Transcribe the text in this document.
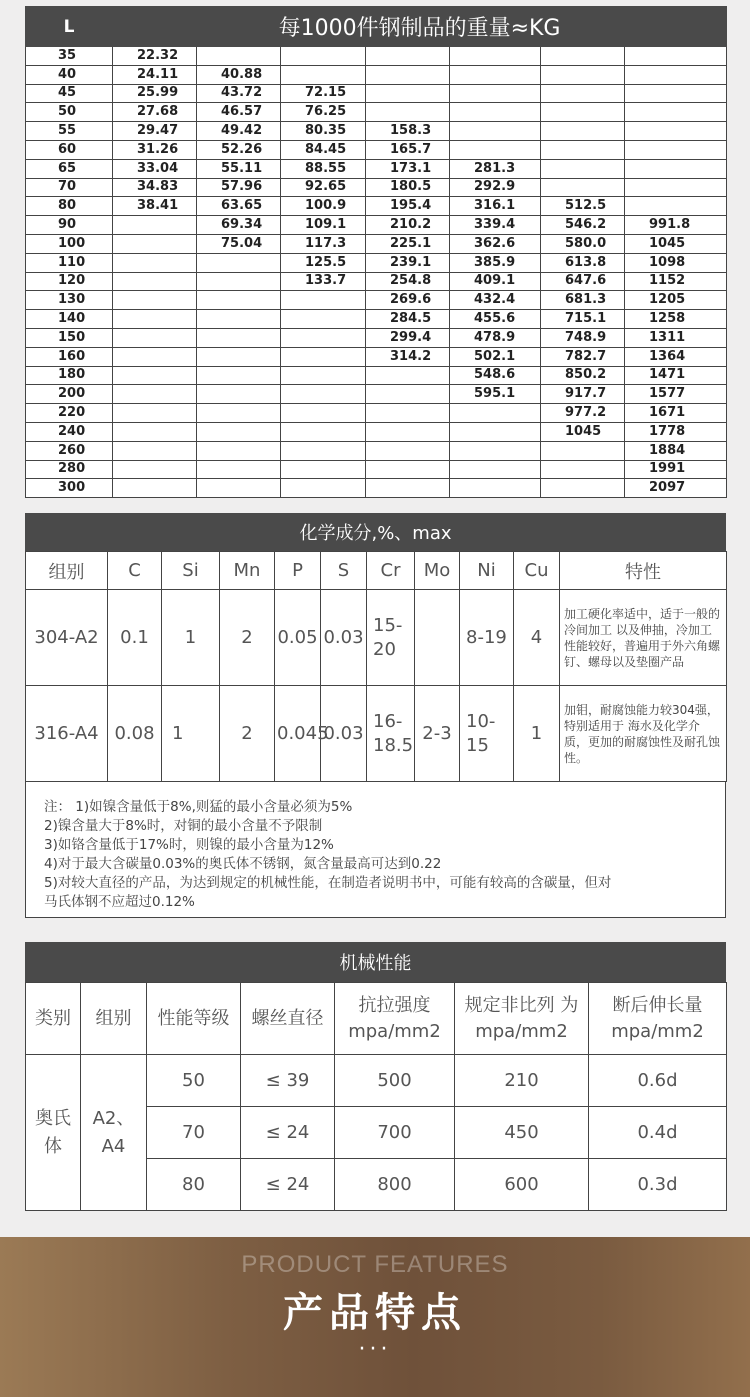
L	每1000件钢制品的重量≈KG						
35	22.32						
40	24.11	40.88					
45	25.99	43.72	72.15				
50	27.68	46.57	76.25				
55	29.47	49.42	80.35	158.3			
60	31.26	52.26	84.45	165.7			
65	33.04	55.11	88.55	173.1	281.3		
70	34.83	57.96	92.65	180.5	292.9		
80	38.41	63.65	100.9	195.4	316.1	512.5	
90		69.34	109.1	210.2	339.4	546.2	991.8
100		75.04	117.3	225.1	362.6	580.0	1045
110			125.5	239.1	385.9	613.8	1098
120			133.7	254.8	409.1	647.6	1152
130				269.6	432.4	681.3	1205
140				284.5	455.6	715.1	1258
150				299.4	478.9	748.9	1311
160				314.2	502.1	782.7	1364
180					548.6	850.2	1471
200					595.1	917.7	1577
220						977.2	1671
240						1045	1778
260							1884
280							1991
300							2097
化学成分,%、max
组别	C	Si	Mn	P	S	Cr	Mo	Ni	Cu	特性
304-A2	0.1	1	2	0.05	0.03	15-20		8-19	4	加工硬化率适中，适于一般的冷间加工 以及伸抽，冷加工性能较好，普遍用于外六角螺钉、螺母以及垫圈产品
316-A4	0.08	1	2	0.045	0.03	16-18.5	2-3	10-15	1	加钼，耐腐蚀能力较304强，特别适用于 海水及化学介质，更加的耐腐蚀性及耐孔蚀性。
注： 1)如镍含量低于8%,则猛的最小含量必须为5%
2)镍含量大于8%时，对铜的最小含量不予限制
3)如铬含量低于17%时，则镍的最小含量为12%
4)对于最大含碳量0.03%的奥氏体不锈钢，氮含量最高可达到0.22
5)对较大直径的产品，为达到规定的机械性能，在制造者说明书中，可能有较高的含碳量，但对
马氏体钢不应超过0.12%
机械性能
类别	组别	性能等级	螺丝直径	抗拉强度 mpa/mm2	规定非比列 为mpa/mm2	断后伸长量 mpa/mm2
奥氏体	A2、A4	50	≤ 39	500	210	0.6d
		70	≤ 24	700	450	0.4d
		80	≤ 24	800	600	0.3d
PRODUCT FEATURES
产品特点
···
